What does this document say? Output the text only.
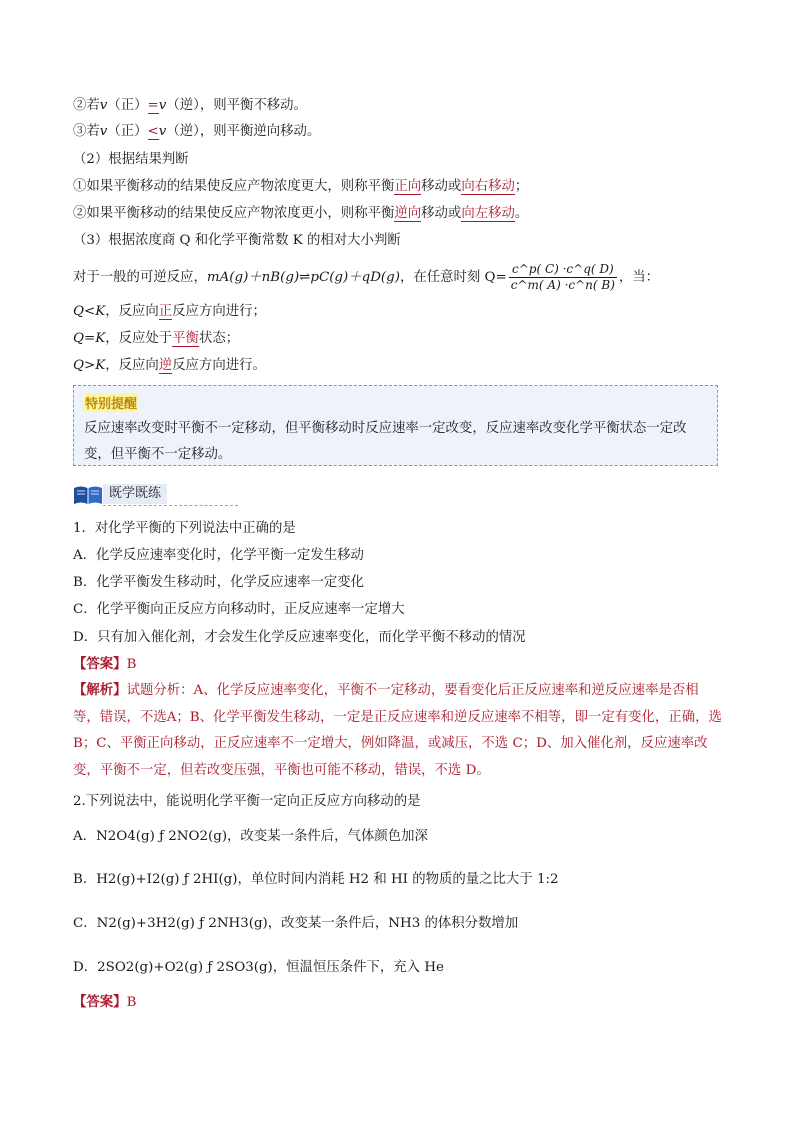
②若v（正）=v（逆），则平衡不移动。
③若v（正）<v（逆），则平衡逆向移动。
（2）根据结果判断
①如果平衡移动的结果使反应产物浓度更大，则称平衡正向移动或向右移动；
②如果平衡移动的结果使反应产物浓度更小，则称平衡逆向移动或向左移动。
（3）根据浓度商 Q 和化学平衡常数 K 的相对大小判断
对于一般的可逆反应，mA(g)＋nB(g)⇌pC(g)＋qD(g)，在任意时刻 $Q= \frac{c\^{}p( C) \cdot c\^{}q( D)}{c\^{}m( A) \cdot c\^{}n( B)}$ ，当：
Q<K，反应向正反应方向进行；
Q=K，反应处于平衡状态；
Q>K，反应向逆反应方向进行。
特别提醒
反应速率改变时平衡不一定移动，但平衡移动时反应速率一定改变，反应速率改变化学平衡状态一定改变，但平衡不一定移动。
既学既练
1．对化学平衡的下列说法中正确的是
A．化学反应速率变化时，化学平衡一定发生移动
B．化学平衡发生移动时，化学反应速率一定变化
C．化学平衡向正反应方向移动时，正反应速率一定增大
D．只有加入催化剂，才会发生化学反应速率变化，而化学平衡不移动的情况
【答案】B
【解析】试题分析：A、化学反应速率变化，平衡不一定移动，要看变化后正反应速率和逆反应速率是否相等，错误，不选A；B、化学平衡发生移动，一定是正反应速率和逆反应速率不相等，即一定有变化，正确，选 B；C、平衡正向移动，正反应速率不一定增大，例如降温，或减压，不选 C；D、加入催化剂，反应速率改变，平衡不一定，但若改变压强，平衡也可能不移动，错误，不选 D。
2.下列说法中，能说明化学平衡一定向正反应方向移动的是
A．N2O4(g) ƒ 2NO2(g)，改变某一条件后，气体颜色加深
B．H2(g)+I2(g) ƒ 2HI(g)，单位时间内消耗 H2 和 HI 的物质的量之比大于 1:2
C．N2(g)+3H2(g) ƒ 2NH3(g)，改变某一条件后，NH3 的体积分数增加
D．2SO2(g)+O2(g) ƒ 2SO3(g)，恒温恒压条件下，充入 He
【答案】B
